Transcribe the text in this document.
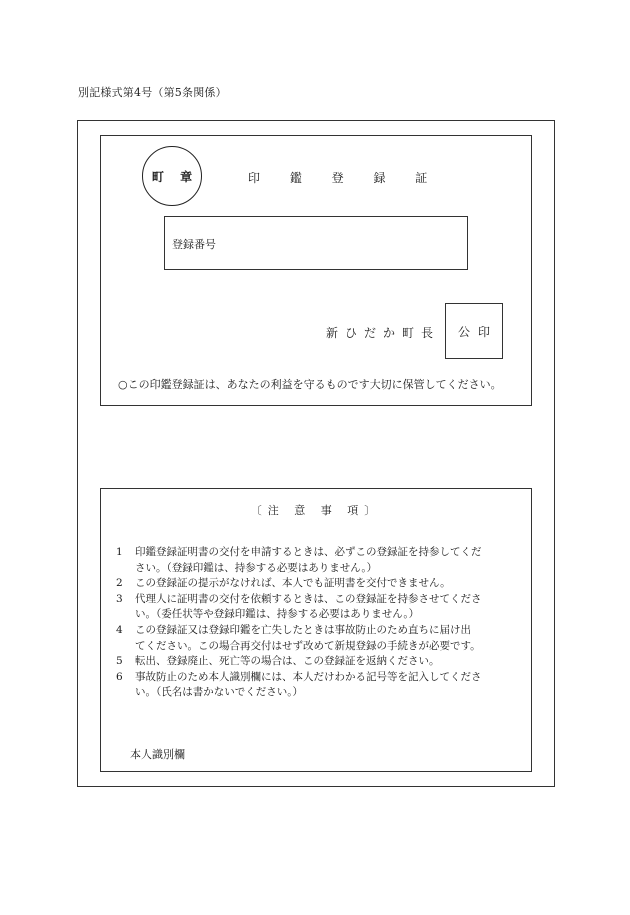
別記様式第4号（第5条関係）
町 章	印 鑑 登 録 証
登録番号
新ひだか町長	公印
○この印鑑登録証は、あなたの利益を守るものです大切に保管してください。
〔注 意 事 項〕
1	印鑑登録証明書の交付を申請するときは、必ずこの登録証を持参してくだ
さい。（登録印鑑は、持参する必要はありません。）
2	この登録証の提示がなければ、本人でも証明書を交付できません。
3	代理人に証明書の交付を依頼するときは、この登録証を持参させてくださ
い。（委任状等や登録印鑑は、持参する必要はありません。）
4	この登録証又は登録印鑑を亡失したときは事故防止のため直ちに届け出
てください。この場合再交付はせず改めて新規登録の手続きが必要です。
5	転出、登録廃止、死亡等の場合は、この登録証を返納ください。
6	事故防止のため本人識別欄には、本人だけわかる記号等を記入してくださ
い。（氏名は書かないでください。）
本人識別欄
